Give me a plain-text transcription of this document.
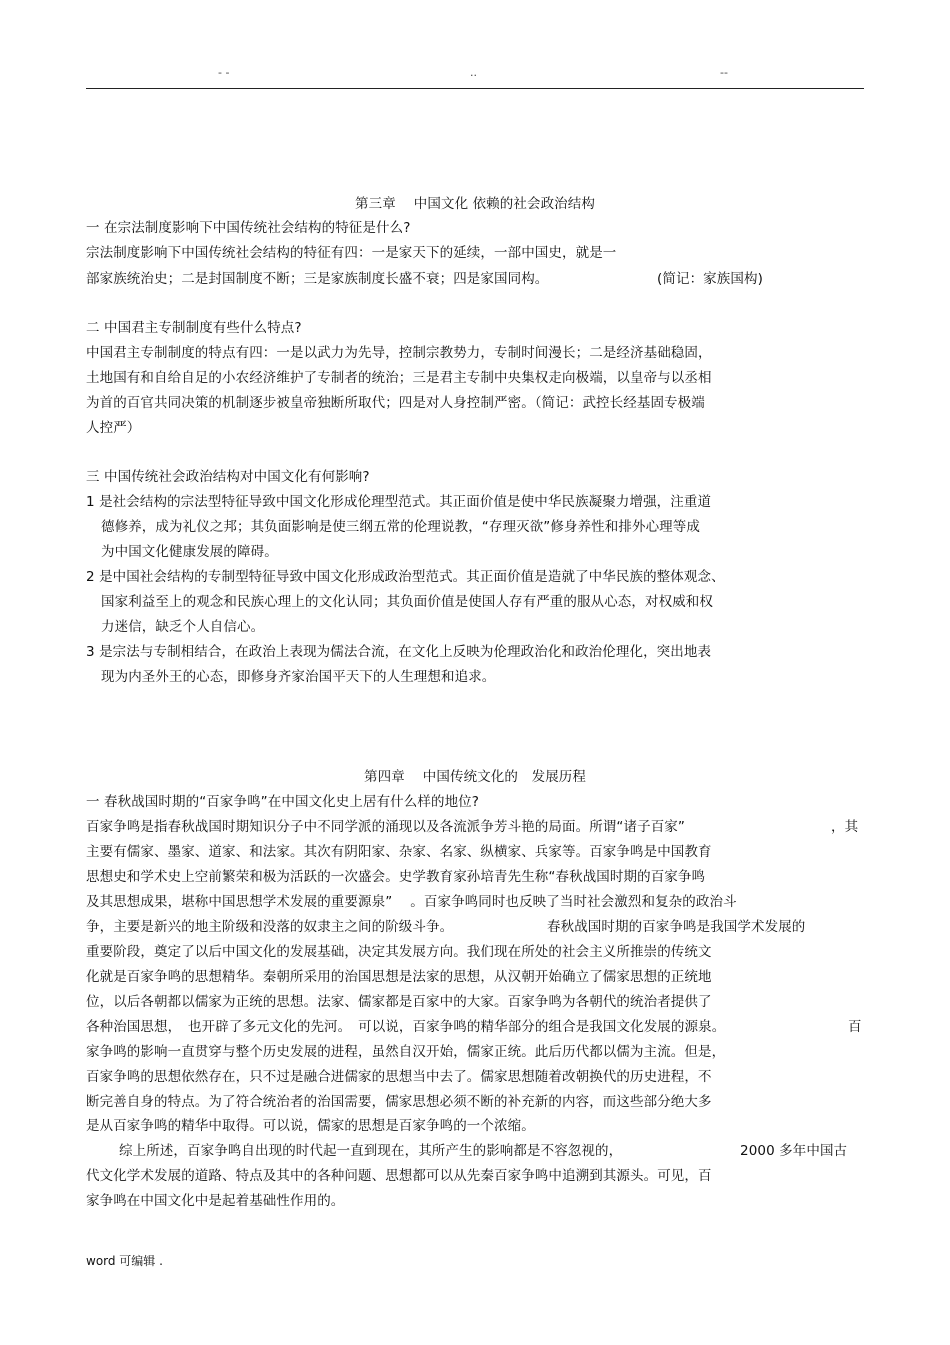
- -	..	--
第三章　 中国文化 依赖的社会政治结构
一 在宗法制度影响下中国传统社会结构的特征是什么?
宗法制度影响下中国传统社会结构的特征有四：一是家天下的延续，一部中国史，就是一
部家族统治史；二是封国制度不断；三是家族制度长盛不衰；四是家国同构。	(简记：家族国构)
二 中国君主专制制度有些什么特点?
中国君主专制制度的特点有四：一是以武力为先导，控制宗教势力，专制时间漫长；二是经济基础稳固，
土地国有和自给自足的小农经济维护了专制者的统治；三是君主专制中央集权走向极端，以皇帝与以丞相
为首的百官共同决策的机制逐步被皇帝独断所取代；四是对人身控制严密。（简记：武控长经基固专极端
人控严）
三 中国传统社会政治结构对中国文化有何影响?
1 是社会结构的宗法型特征导致中国文化形成伦理型范式。其正面价值是使中华民族凝聚力增强，注重道
德修养，成为礼仪之邦；其负面影响是使三纲五常的伦理说教，“存理灭欲”修身养性和排外心理等成
为中国文化健康发展的障碍。
2 是中国社会结构的专制型特征导致中国文化形成政治型范式。其正面价值是造就了中华民族的整体观念、
国家利益至上的观念和民族心理上的文化认同；其负面价值是使国人存有严重的服从心态，对权威和权
力迷信，缺乏个人自信心。
3 是宗法与专制相结合，在政治上表现为儒法合流，在文化上反映为伦理政治化和政治伦理化，突出地表
现为内圣外王的心态，即修身齐家治国平天下的人生理想和追求。
第四章　 中国传统文化的　发展历程
一 春秋战国时期的“百家争鸣”在中国文化史上居有什么样的地位?
百家争鸣是指春秋战国时期知识分子中不同学派的涌现以及各流派争芳斗艳的局面。所谓“诸子百家”	，其
主要有儒家、墨家、道家、和法家。其次有阴阳家、杂家、名家、纵横家、兵家等。百家争鸣是中国教育
思想史和学术史上空前繁荣和极为活跃的一次盛会。史学教育家孙培青先生称“春秋战国时期的百家争鸣
及其思想成果，堪称中国思想学术发展的重要源泉”　 。百家争鸣同时也反映了当时社会激烈和复杂的政治斗
争，主要是新兴的地主阶级和没落的奴隶主之间的阶级斗争。	春秋战国时期的百家争鸣是我国学术发展的
重要阶段，奠定了以后中国文化的发展基础，决定其发展方向。我们现在所处的社会主义所推崇的传统文
化就是百家争鸣的思想精华。秦朝所采用的治国思想是法家的思想，从汉朝开始确立了儒家思想的正统地
位，以后各朝都以儒家为正统的思想。法家、儒家都是百家中的大家。百家争鸣为各朝代的统治者提供了
各种治国思想，　也开辟了多元文化的先河。　可以说，百家争鸣的精华部分的组合是我国文化发展的源泉。	百
家争鸣的影响一直贯穿与整个历史发展的进程，虽然自汉开始，儒家正统。此后历代都以儒为主流。但是，
百家争鸣的思想依然存在，只不过是融合进儒家的思想当中去了。儒家思想随着改朝换代的历史进程，不
断完善自身的特点。为了符合统治者的治国需要，儒家思想必须不断的补充新的内容，而这些部分绝大多
是从百家争鸣的精华中取得。可以说，儒家的思想是百家争鸣的一个浓缩。
综上所述，百家争鸣自出现的时代起一直到现在，其所产生的影响都是不容忽视的，	2000 多年中国古
代文化学术发展的道路、特点及其中的各种问题、思想都可以从先秦百家争鸣中追溯到其源头。可见，百
家争鸣在中国文化中是起着基础性作用的。
word 可编辑 .
